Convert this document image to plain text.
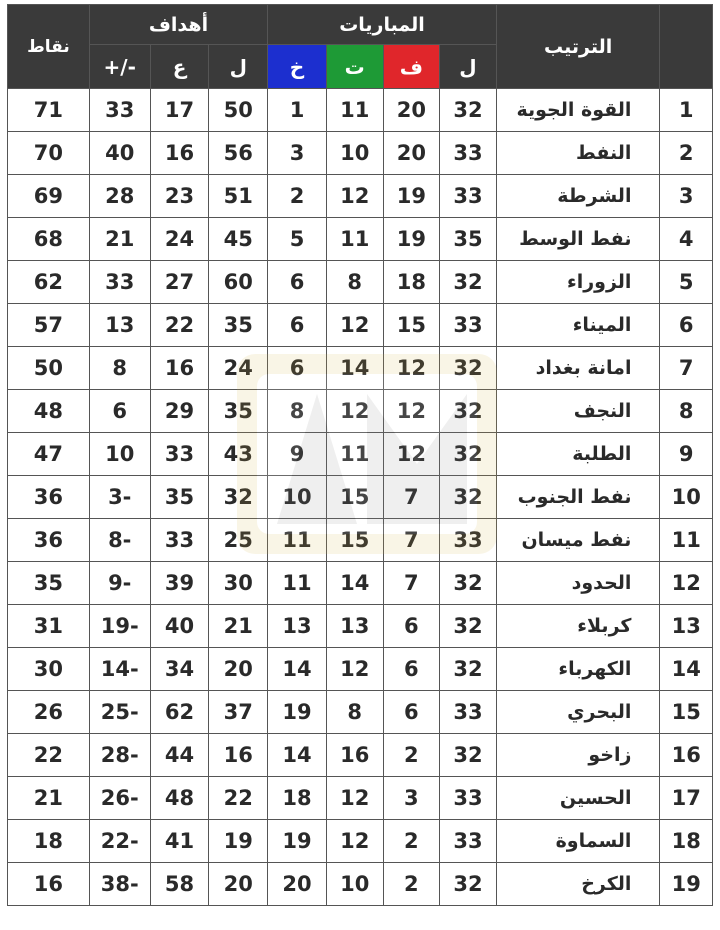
نقاط	أهداف			المباريات				الترتيب	
	+/-	ع	ل	خ	ت	ف	ل		
71	33	17	50	1	11	20	32	القوة الجوية	1
70	40	16	56	3	10	20	33	النفط	2
69	28	23	51	2	12	19	33	الشرطة	3
68	21	24	45	5	11	19	35	نفط الوسط	4
62	33	27	60	6	8	18	32	الزوراء	5
57	13	22	35	6	12	15	33	الميناء	6
50	8	16	24	6	14	12	32	امانة بغداد	7
48	6	29	35	8	12	12	32	النجف	8
47	10	33	43	9	11	12	32	الطلبة	9
36	3-	35	32	10	15	7	32	نفط الجنوب	10
36	8-	33	25	11	15	7	33	نفط ميسان	11
35	9-	39	30	11	14	7	32	الحدود	12
31	19-	40	21	13	13	6	32	كربلاء	13
30	14-	34	20	14	12	6	32	الكهرباء	14
26	25-	62	37	19	8	6	33	البحري	15
22	28-	44	16	14	16	2	32	زاخو	16
21	26-	48	22	18	12	3	33	الحسين	17
18	22-	41	19	19	12	2	33	السماوة	18
16	38-	58	20	20	10	2	32	الكرخ	19
